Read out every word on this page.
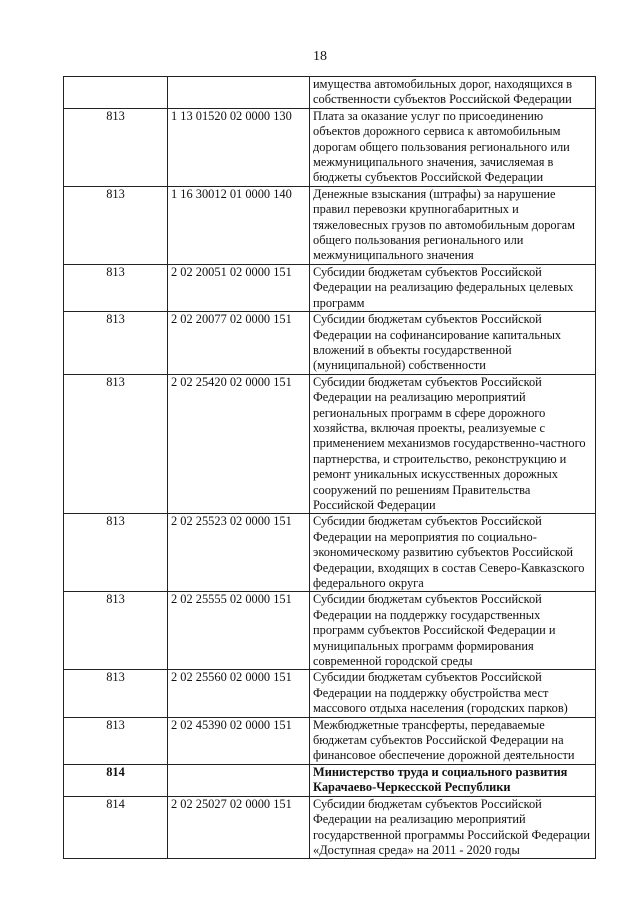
18
		имущества автомобильных дорог, находящихся в собственности субъектов Российской Федерации
813	1 13 01520 02 0000 130	Плата за оказание услуг по присоединению объектов дорожного сервиса к автомобильным дорогам общего пользования регионального или межмуниципального значения, зачисляемая в бюджеты субъектов Российской Федерации
813	1 16 30012 01 0000 140	Денежные взыскания (штрафы) за нарушение правил перевозки крупногабаритных и тяжеловесных грузов по автомобильным дорогам общего пользования регионального или межмуниципального значения
813	2 02 20051 02 0000 151	Субсидии бюджетам субъектов Российской Федерации на реализацию федеральных целевых программ
813	2 02 20077 02 0000 151	Субсидии бюджетам субъектов Российской Федерации на софинансирование капитальных вложений в объекты государственной (муниципальной) собственности
813	2 02 25420 02 0000 151	Субсидии бюджетам субъектов Российской Федерации на реализацию мероприятий региональных программ в сфере дорожного хозяйства, включая проекты, реализуемые с применением механизмов государственно-частного партнерства, и строительство, реконструкцию и ремонт уникальных искусственных дорожных сооружений по решениям Правительства Российской Федерации
813	2 02 25523 02 0000 151	Субсидии бюджетам субъектов Российской Федерации на мероприятия по социально-экономическому развитию субъектов Российской Федерации, входящих в состав Северо-Кавказского федерального округа
813	2 02 25555 02 0000 151	Субсидии бюджетам субъектов Российской Федерации на поддержку государственных программ субъектов Российской Федерации и муниципальных программ формирования современной городской среды
813	2 02 25560 02 0000 151	Субсидии бюджетам субъектов Российской Федерации на поддержку обустройства мест массового отдыха населения (городских парков)
813	2 02 45390 02 0000 151	Межбюджетные трансферты, передаваемые бюджетам субъектов Российской Федерации на финансовое обеспечение дорожной деятельности
814		Министерство труда и социального развития Карачаево-Черкесской Республики
814	2 02 25027 02 0000 151	Субсидии бюджетам субъектов Российской Федерации на реализацию мероприятий государственной программы Российской Федерации «Доступная среда» на 2011 - 2020 годы
